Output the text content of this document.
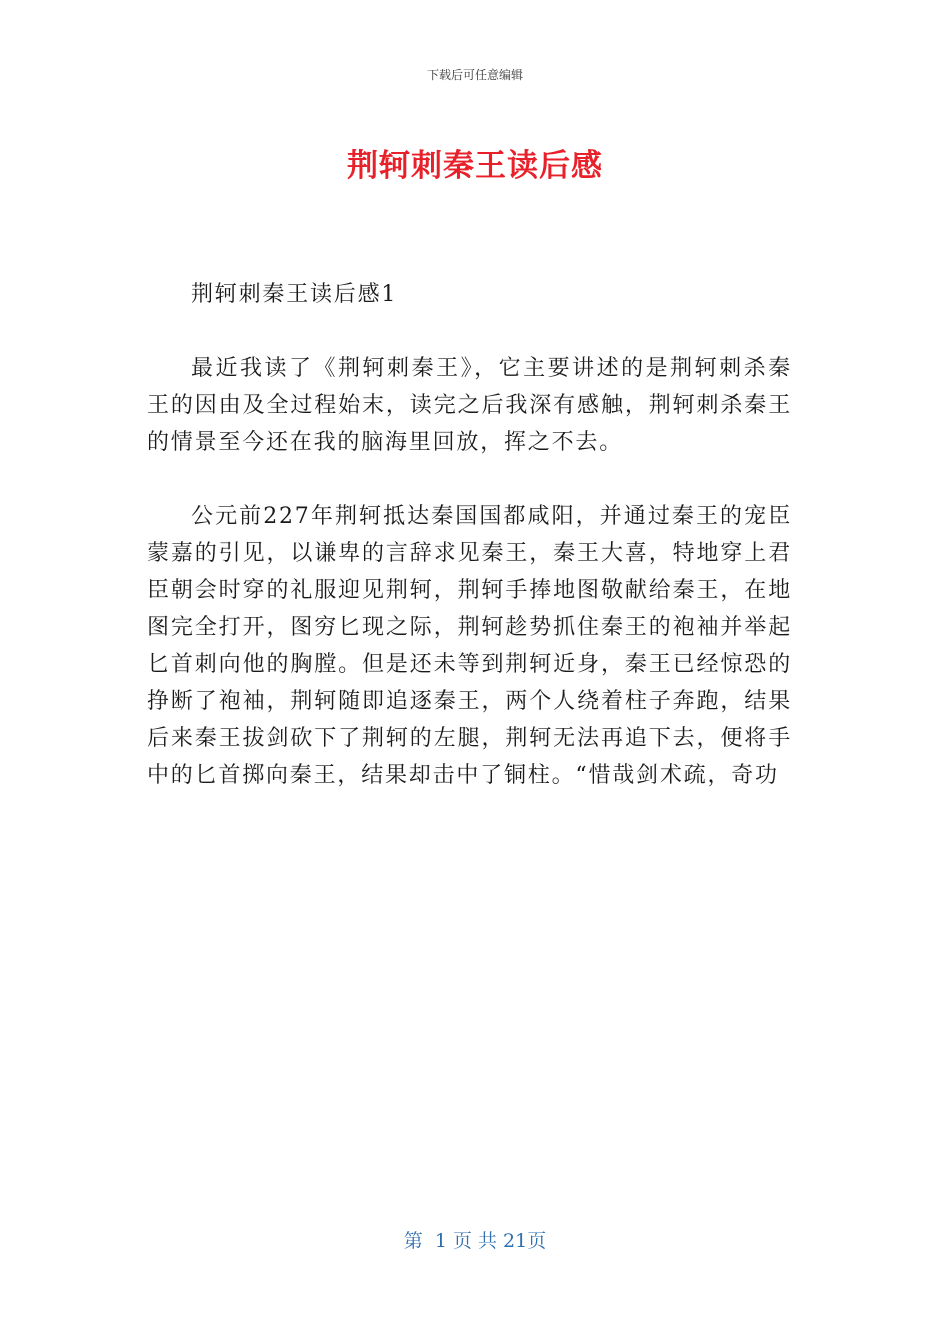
下载后可任意编辑
荆轲刺秦王读后感

荆轲刺秦王读后感1

最近我读了《荆轲刺秦王》，它主要讲述的是荆轲刺杀秦王的因由及全过程始末，读完之后我深有感触，荆轲刺杀秦王的情景至今还在我的脑海里回放，挥之不去。

公元前227年荆轲抵达秦国国都咸阳，并通过秦王的宠臣蒙嘉的引见，以谦卑的言辞求见秦王，秦王大喜，特地穿上君臣朝会时穿的礼服迎见荆轲，荆轲手捧地图敬献给秦王，在地图完全打开，图穷匕现之际，荆轲趁势抓住秦王的袍袖并举起匕首刺向他的胸膛。但是还未等到荆轲近身，秦王已经惊恐的挣断了袍袖，荆轲随即追逐秦王，两个人绕着柱子奔跑，结果后来秦王拔剑砍下了荆轲的左腿，荆轲无法再追下去，便将手中的匕首掷向秦王，结果却击中了铜柱。“惜哉剑术疏，奇功

第  1 页 共 21页
